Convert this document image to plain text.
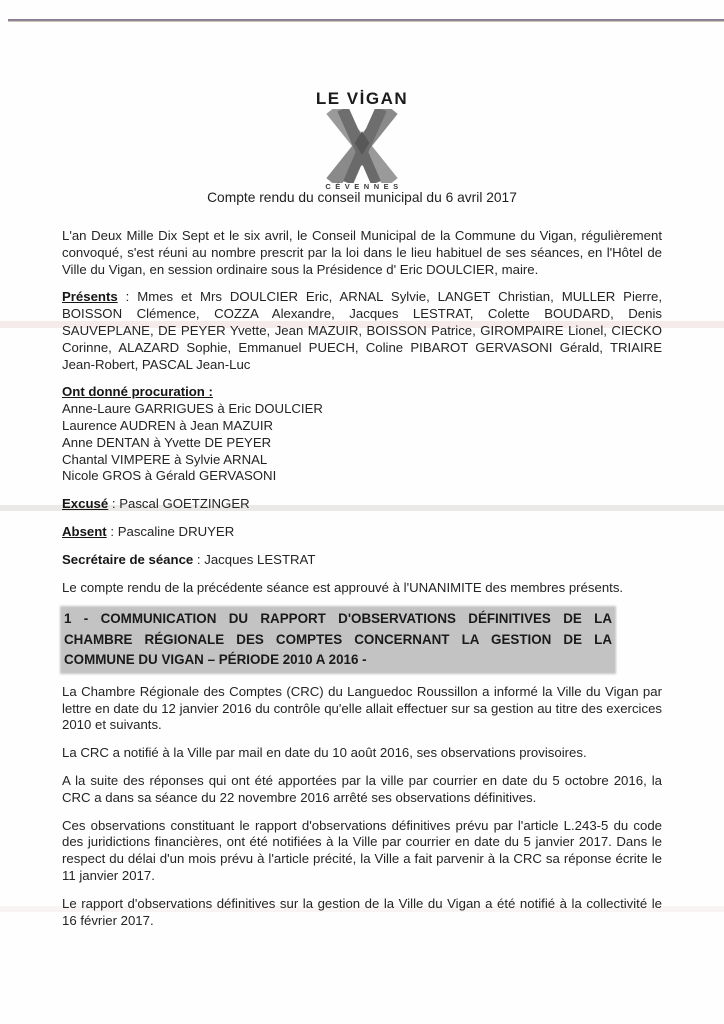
LE VİGAN
CÉVENNES
Compte rendu du conseil municipal du 6 avril 2017

L'an Deux Mille Dix Sept et le six avril, le Conseil Municipal de la Commune du Vigan, régulièrement convoqué, s'est réuni au nombre prescrit par la loi dans le lieu habituel de ses séances, en l'Hôtel de Ville du Vigan, en session ordinaire sous la Présidence d' Eric DOULCIER, maire.

Présents : Mmes et Mrs DOULCIER Eric, ARNAL Sylvie, LANGET Christian, MULLER Pierre, BOISSON Clémence, COZZA Alexandre, Jacques LESTRAT, Colette BOUDARD, Denis SAUVEPLANE, DE PEYER Yvette, Jean MAZUIR, BOISSON Patrice, GIROMPAIRE Lionel, CIECKO Corinne, ALAZARD Sophie, Emmanuel PUECH, Coline PIBAROT GERVASONI Gérald, TRIAIRE Jean-Robert, PASCAL Jean-Luc

Ont donné procuration :
Anne-Laure GARRIGUES à Eric DOULCIER
Laurence AUDREN à Jean MAZUIR
Anne DENTAN à Yvette DE PEYER
Chantal VIMPERE à Sylvie ARNAL
Nicole GROS à Gérald GERVASONI

Excusé : Pascal GOETZINGER

Absent : Pascaline DRUYER

Secrétaire de séance : Jacques LESTRAT

Le compte rendu de la précédente séance est approuvé à l'UNANIMITE des membres présents.

1 - COMMUNICATION DU RAPPORT D'OBSERVATIONS DÉFINITIVES DE LA CHAMBRE RÉGIONALE DES COMPTES CONCERNANT LA GESTION DE LA COMMUNE DU VIGAN – PÉRIODE 2010 A 2016 -

La Chambre Régionale des Comptes (CRC) du Languedoc Roussillon a informé la Ville du Vigan par lettre en date du 12 janvier 2016 du contrôle qu'elle allait effectuer sur sa gestion au titre des exercices 2010 et suivants.

La CRC a notifié à la Ville par mail en date du 10 août 2016, ses observations provisoires.

A la suite des réponses qui ont été apportées par la ville par courrier en date du 5 octobre 2016, la CRC a dans sa séance du 22 novembre 2016 arrêté ses observations définitives.

Ces observations constituant le rapport d'observations définitives prévu par l'article L.243-5 du code des juridictions financières, ont été notifiées à la Ville par courrier en date du 5 janvier 2017. Dans le respect du délai d'un mois prévu à l'article précité, la Ville a fait parvenir à la CRC sa réponse écrite le 11 janvier 2017.

Le rapport d'observations définitives sur la gestion de la Ville du Vigan a été notifié à la collectivité le 16 février 2017.
